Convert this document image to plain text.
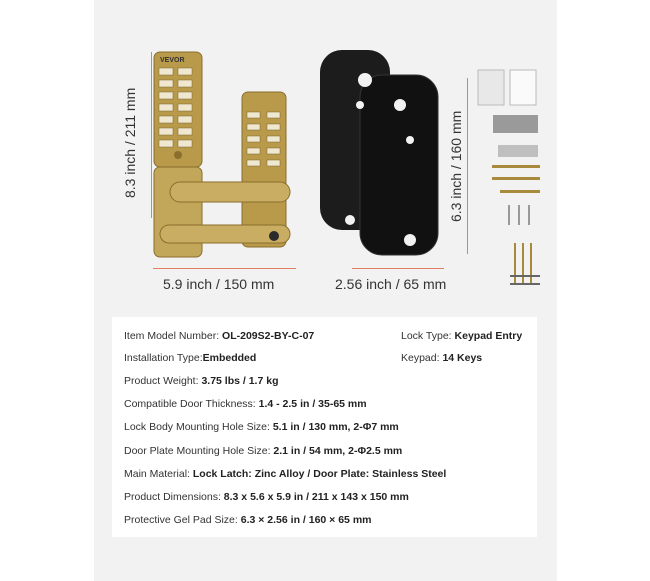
8.3 inch / 211 mm
5.9 inch / 150 mm
VEVOR
6.3 inch / 160 mm
2.56 inch / 65 mm
Item Model Number: OL-209S2-BY-C-07	Lock Type: Keypad Entry
Installation Type:Embedded	Keypad: 14 Keys
Product Weight: 3.75 lbs / 1.7 kg
Compatible Door Thickness: 1.4 - 2.5 in / 35-65 mm
Lock Body Mounting Hole Size: 5.1 in / 130 mm, 2-Φ7 mm
Door Plate Mounting Hole Size: 2.1 in / 54 mm, 2-Φ2.5 mm
Main Material: Lock Latch: Zinc Alloy / Door Plate: Stainless Steel
Product Dimensions: 8.3 x 5.6 x 5.9 in / 211 x 143 x 150 mm
Protective Gel Pad Size: 6.3 × 2.56 in / 160 × 65 mm
